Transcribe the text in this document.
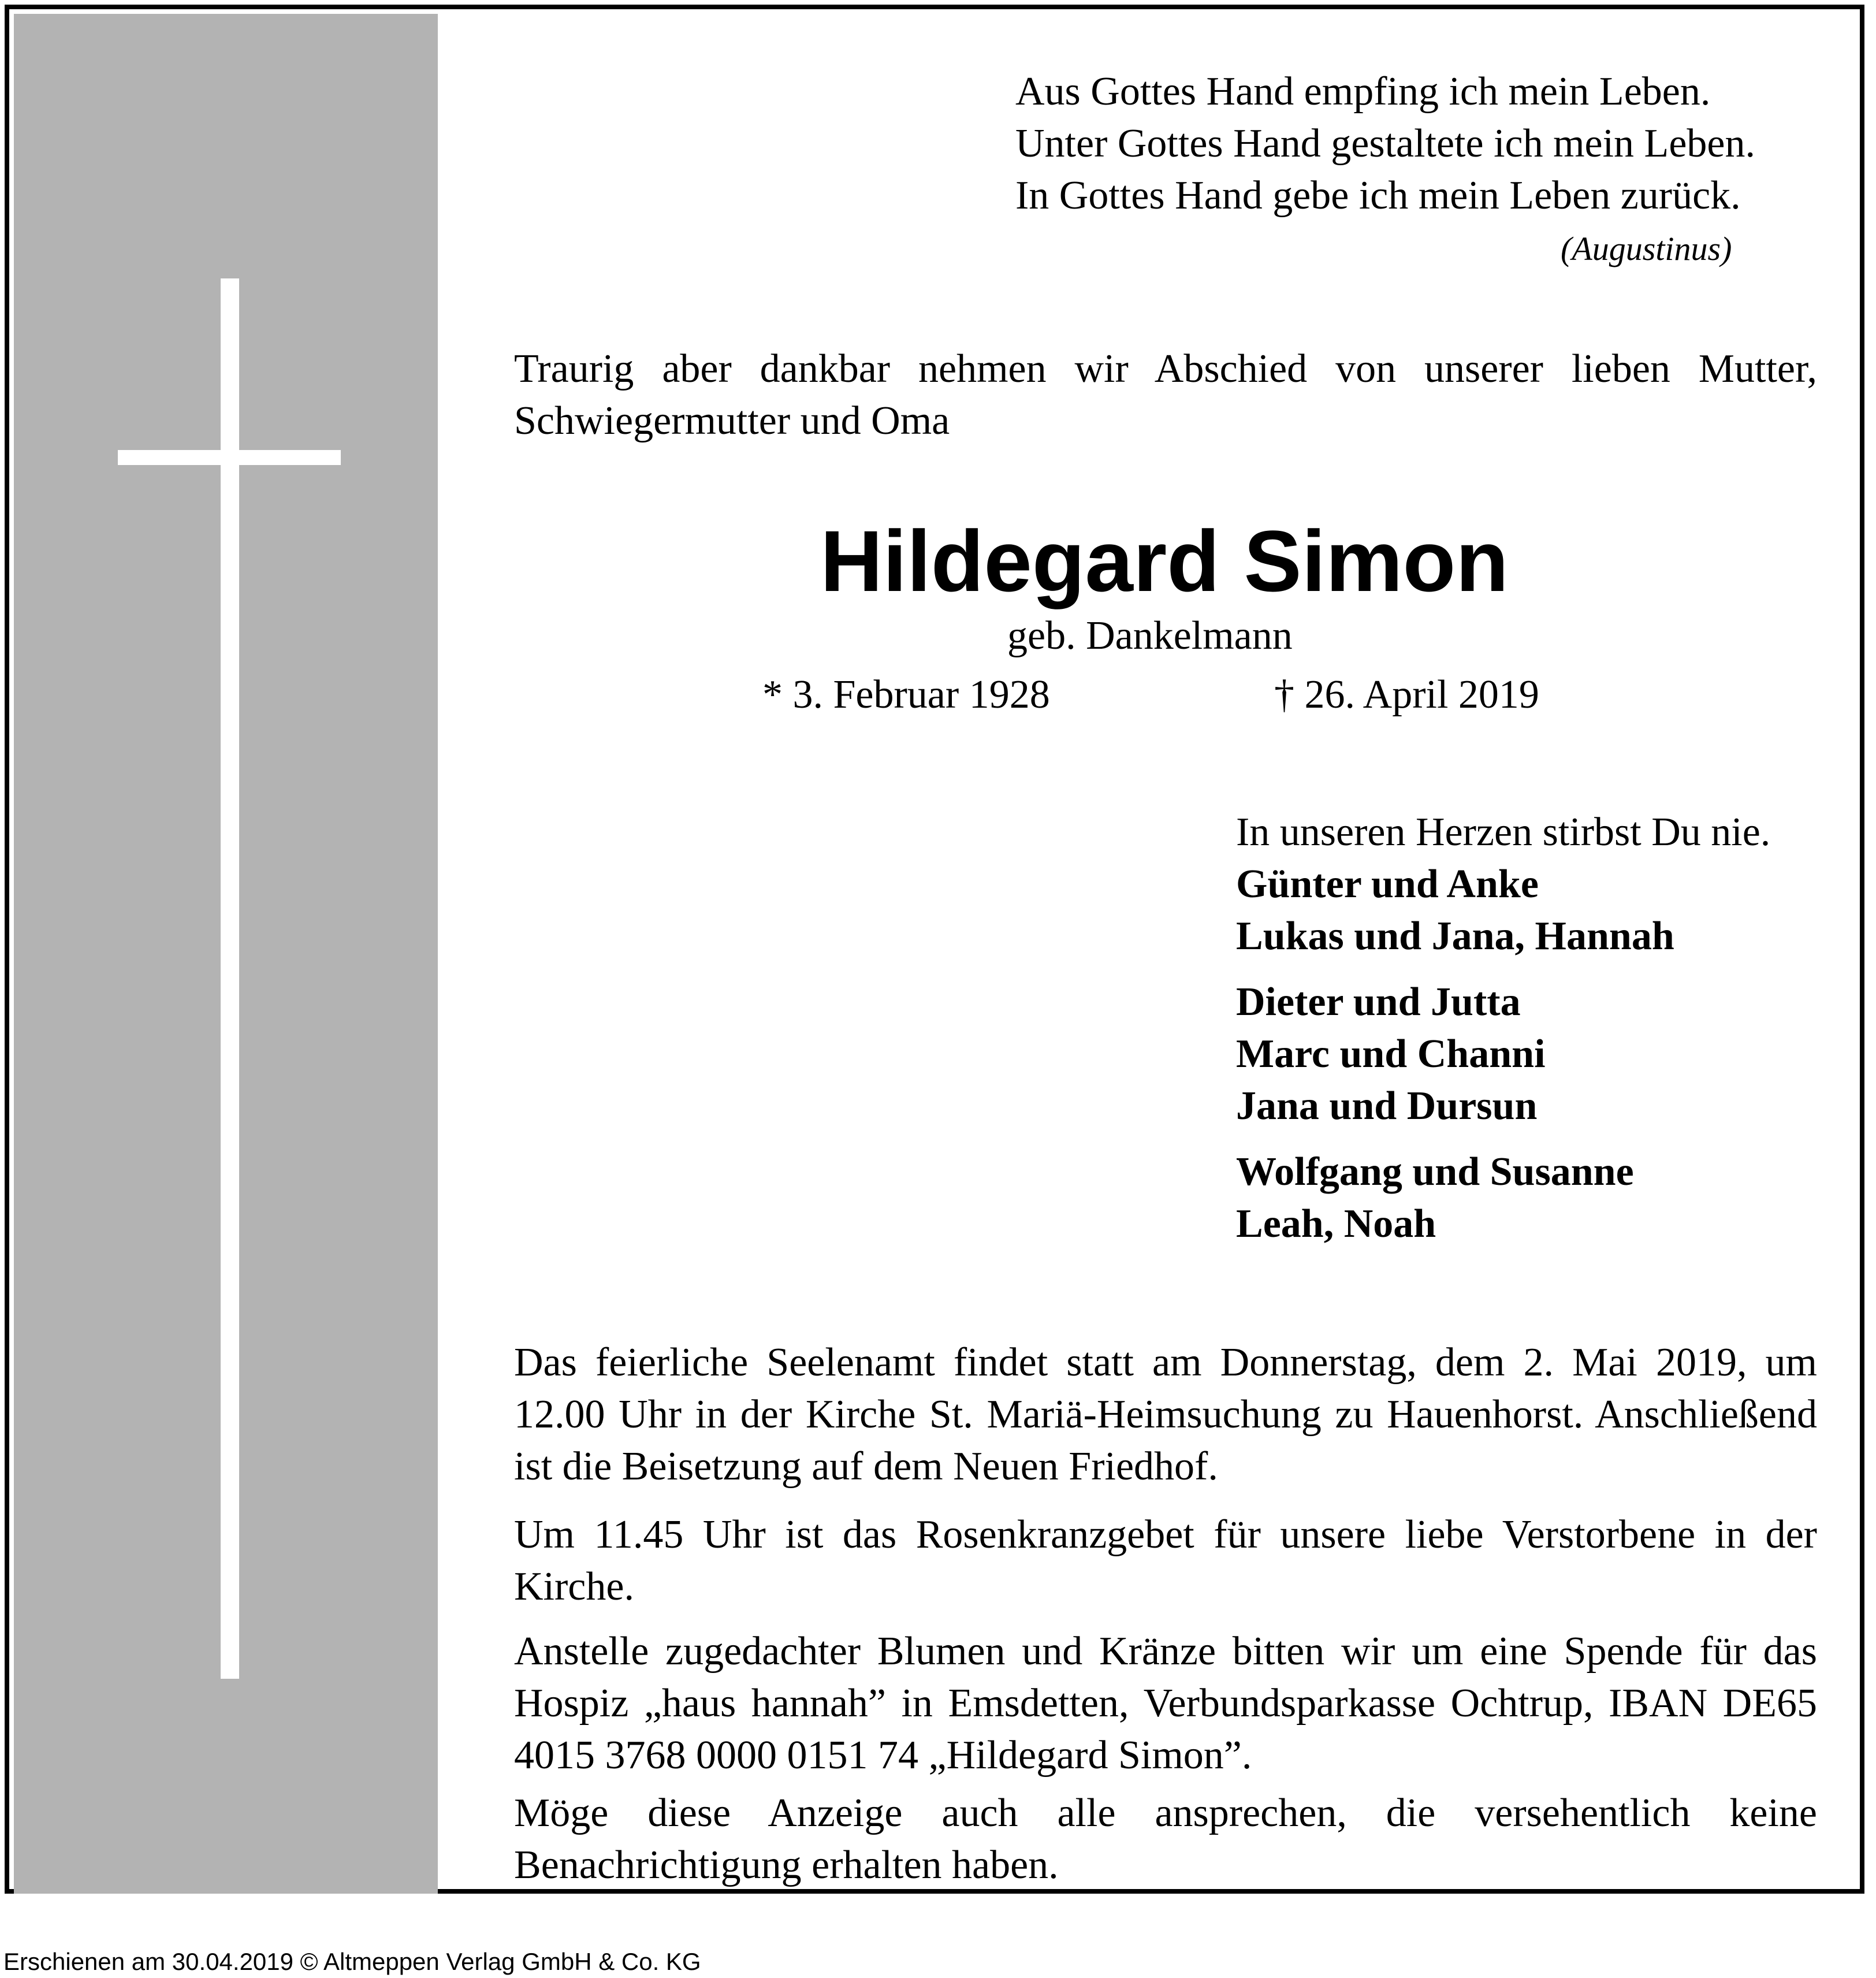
Aus Gottes Hand empfing ich mein Leben.
Unter Gottes Hand gestaltete ich mein Leben.
In Gottes Hand gebe ich mein Leben zurück.
(Augustinus)
Traurig aber dankbar nehmen wir Abschied von unserer lieben Mutter, Schwiegermutter und Oma
Hildegard Simon
geb. Dankelmann
* 3. Februar 1928	† 26. April 2019
In unseren Herzen stirbst Du nie.
Günter und Anke
Lukas und Jana, Hannah
Dieter und Jutta
Marc und Channi
Jana und Dursun
Wolfgang und Susanne
Leah, Noah
Das feierliche Seelenamt findet statt am Donnerstag, dem 2. Mai 2019, um 12.00 Uhr in der Kirche St. Mariä-Heimsuchung zu Hauenhorst. Anschließend ist die Beisetzung auf dem Neuen Friedhof.
Um 11.45 Uhr ist das Rosenkranzgebet für unsere liebe Verstorbene in der Kirche.
Anstelle zugedachter Blumen und Kränze bitten wir um eine Spende für das Hospiz „haus hannah” in Emsdetten, Verbundsparkasse Ochtrup, IBAN DE65 4015 3768 0000 0151 74 „Hildegard Simon”.
Möge diese Anzeige auch alle ansprechen, die versehentlich keine Benachrichtigung erhalten haben.
Erschienen am 30.04.2019 © Altmeppen Verlag GmbH & Co. KG
